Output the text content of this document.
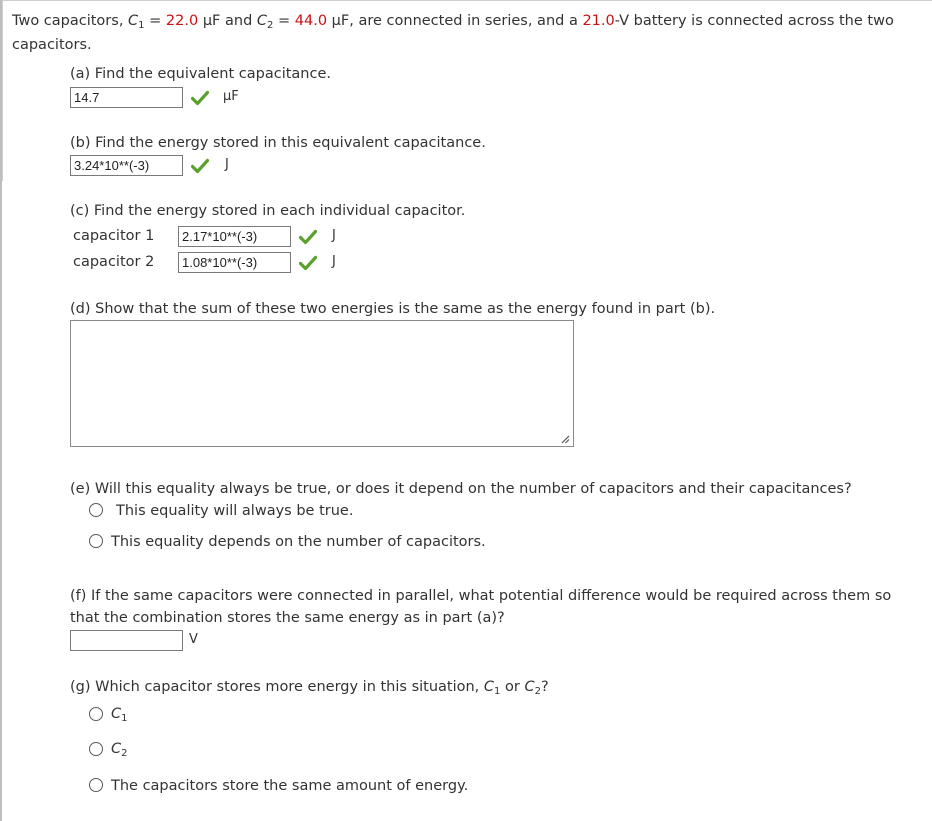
Two capacitors, $C_1 = 22.0$ μF and $C_2 = 44.0$ μF, are connected in series, and a 21.0-V battery is connected across the two
capacitors.
(a) Find the equivalent capacitance.
14.7
μF
(b) Find the energy stored in this equivalent capacitance.
3.24*10**(-3)
J
(c) Find the energy stored in each individual capacitor.
capacitor 1
2.17*10**(-3)	J
capacitor 2
1.08*10**(-3)	J
(d) Show that the sum of these two energies is the same as the energy found in part (b).
(e) Will this equality always be true, or does it depend on the number of capacitors and their capacitances?
This equality will always be true.
This equality depends on the number of capacitors.
(f) If the same capacitors were connected in parallel, what potential difference would be required across them so
that the combination stores the same energy as in part (a)?
V
(g) Which capacitor stores more energy in this situation, $C_1$ or $C_2$?
$C_1$
$C_2$
The capacitors store the same amount of energy.
